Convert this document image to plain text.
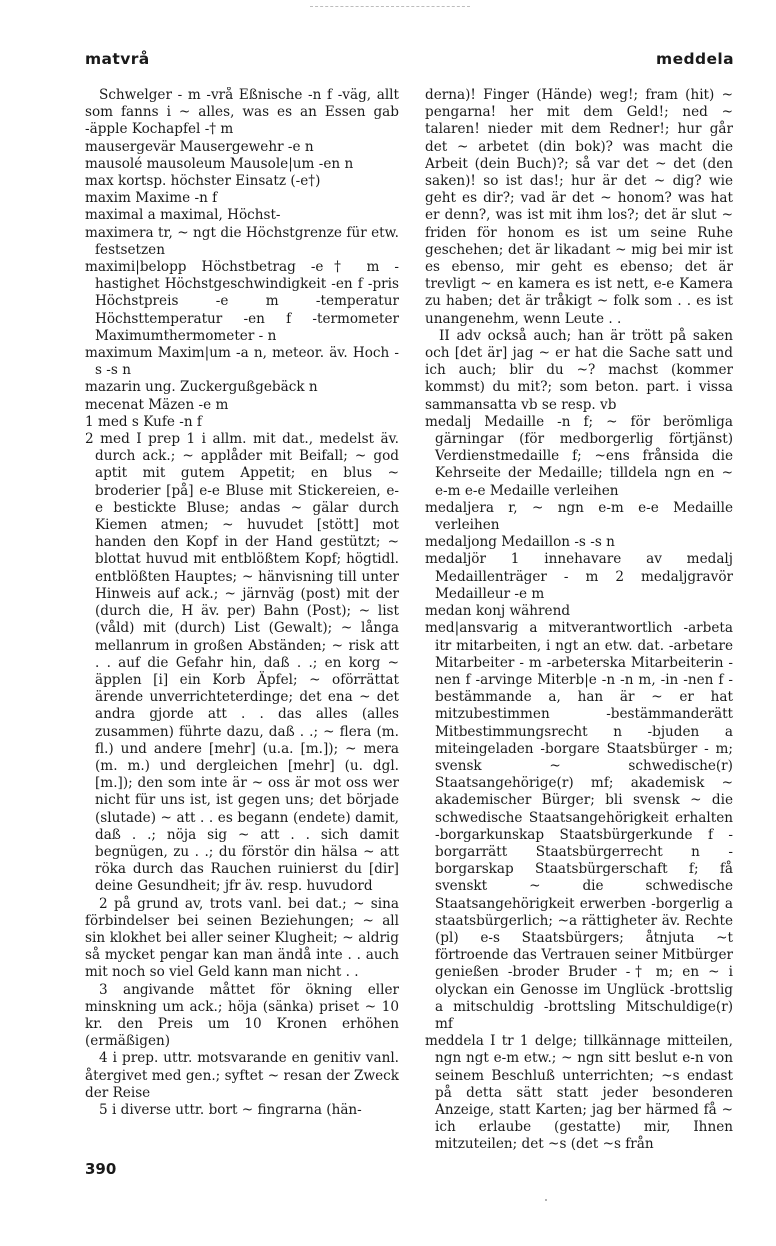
matvrå	meddela

Schwelger - m -vrå Eßnische -n f -väg, allt som fanns i ~ alles, was es an Essen gab -äpple Kochapfel -† m

mausergevär Mausergewehr -e n

mausolé mausoleum Mausole|um -en n

max kortsp. höchster Einsatz (-e†)

maxim Maxime -n f

maximal a maximal, Höchst-

maximera tr, ~ ngt die Höchstgrenze für etw. festsetzen

maximi|belopp Höchstbetrag -e† m -hastighet Höchstgeschwindigkeit -en f -pris Höchstpreis -e m -temperatur Höchsttemperatur -en f -termometer Maximumthermometer - n

maximum Maxim|um -a n, meteor. äv. Hoch -s -s n

mazarin ung. Zuckergußgebäck n

mecenat Mäzen -e m

1 med s Kufe -n f

2 med I prep 1 i allm. mit dat., medelst äv. durch ack.; ~ applåder mit Beifall; ~ god aptit mit gutem Appetit; en blus ~ broderier [på] e-e Bluse mit Stickereien, e-e bestickte Bluse; andas ~ gälar durch Kiemen atmen; ~ huvudet [stött] mot handen den Kopf in der Hand gestützt; ~ blottat huvud mit entblößtem Kopf; högtidl. entblößten Hauptes; ~ hänvisning till unter Hinweis auf ack.; ~ järnväg (post) mit der (durch die, H äv. per) Bahn (Post); ~ list (våld) mit (durch) List (Gewalt); ~ långa mellanrum in großen Abständen; ~ risk att . . auf die Gefahr hin, daß . .; en korg ~ äpplen [i] ein Korb Äpfel; ~ oförrättat ärende unverrichteterdinge; det ena ~ det andra gjorde att . . das alles (alles zusammen) führte dazu, daß . .; ~ flera (m. fl.) und andere [mehr] (u.a. [m.]); ~ mera (m. m.) und dergleichen [mehr] (u. dgl. [m.]); den som inte är ~ oss är mot oss wer nicht für uns ist, ist gegen uns; det började (slutade) ~ att . . es begann (endete) damit, daß . .; nöja sig ~ att . . sich damit begnügen, zu . .; du förstör din hälsa ~ att röka durch das Rauchen ruinierst du [dir] deine Gesundheit; jfr äv. resp. huvudord

2 på grund av, trots vanl. bei dat.; ~ sina förbindelser bei seinen Beziehungen; ~ all sin klokhet bei aller seiner Klugheit; ~ aldrig så mycket pengar kan man ändå inte . . auch mit noch so viel Geld kann man nicht . .

3 angivande måttet för ökning eller minskning um ack.; höja (sänka) priset ~ 10 kr. den Preis um 10 Kronen erhöhen (ermäßigen)

4 i prep. uttr. motsvarande en genitiv vanl. återgivet med gen.; syftet ~ resan der Zweck der Reise

5 i diverse uttr. bort ~ fingrarna (hän-

derna)! Finger (Hände) weg!; fram (hit) ~ pengarna! her mit dem Geld!; ned ~ talaren! nieder mit dem Redner!; hur går det ~ arbetet (din bok)? was macht die Arbeit (dein Buch)?; så var det ~ det (den saken)! so ist das!; hur är det ~ dig? wie geht es dir?; vad är det ~ honom? was hat er denn?, was ist mit ihm los?; det är slut ~ friden för honom es ist um seine Ruhe geschehen; det är likadant ~ mig bei mir ist es ebenso, mir geht es ebenso; det är trevligt ~ en kamera es ist nett, e-e Kamera zu haben; det är tråkigt ~ folk som . . es ist unangenehm, wenn Leute . .

II adv också auch; han är trött på saken och [det är] jag ~ er hat die Sache satt und ich auch; blir du ~? machst (kommer kommst) du mit?; som beton. part. i vissa sammansatta vb se resp. vb

medalj Medaille -n f; ~ för berömliga gärningar (för medborgerlig förtjänst) Verdienstmedaille f; ~ens frånsida die Kehrseite der Medaille; tilldela ngn en ~ e-m e-e Medaille verleihen

medaljera r, ~ ngn e-m e-e Medaille verleihen

medaljong Medaillon -s -s n

medaljör 1 innehavare av medalj Medaillenträger - m 2 medaljgravör Medailleur -e m

medan konj während

med|ansvarig a mitverantwortlich -arbeta itr mitarbeiten, i ngt an etw. dat. -arbetare Mitarbeiter - m -arbeterska Mitarbeiterin -nen f -arvinge Miterb|e -n -n m, -in -nen f -bestämmande a, han är ~ er hat mitzubestimmen -bestämmanderätt Mitbestimmungsrecht n -bjuden a miteingeladen -borgare Staatsbürger - m; svensk ~ schwedische(r) Staatsangehörige(r) mf; akademisk ~ akademischer Bürger; bli svensk ~ die schwedische Staatsangehörigkeit erhalten -borgarkunskap Staatsbürgerkunde f -borgarrätt Staatsbürgerrecht n -borgarskap Staatsbürgerschaft f; få svenskt ~ die schwedische Staatsangehörigkeit erwerben -borgerlig a staatsbürgerlich; ~a rättigheter äv. Rechte (pl) e-s Staatsbürgers; åtnjuta ~t förtroende das Vertrauen seiner Mitbürger genießen -broder Bruder -† m; en ~ i olyckan ein Genosse im Unglück -brottslig a mitschuldig -brottsling Mitschuldige(r) mf

meddela I tr 1 delge; tillkännage mitteilen, ngn ngt e-m etw.; ~ ngn sitt beslut e-n von seinem Beschluß unterrichten; ~s endast på detta sätt statt jeder besonderen Anzeige, statt Karten; jag ber härmed få ~ ich erlaube (gestatte) mir, Ihnen mitzuteilen; det ~s (det ~s från

390
